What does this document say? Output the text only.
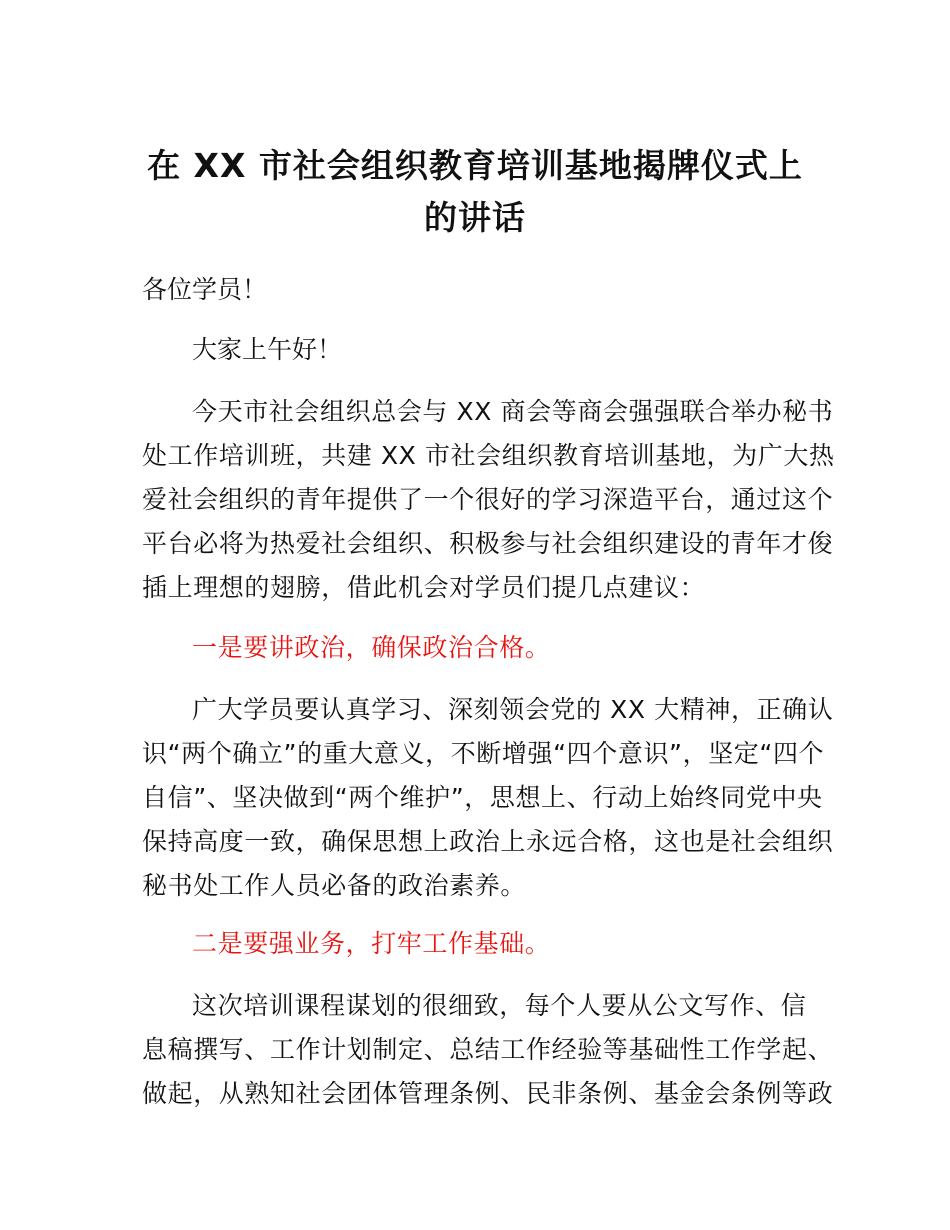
在 XX 市社会组织教育培训基地揭牌仪式上
的讲话

各位学员！

大家上午好！

今天市社会组织总会与 XX 商会等商会强强联合举办秘书

处工作培训班，共建 XX 市社会组织教育培训基地，为广大热

爱社会组织的青年提供了一个很好的学习深造平台，通过这个

平台必将为热爱社会组织、积极参与社会组织建设的青年才俊

插上理想的翅膀，借此机会对学员们提几点建议：

一是要讲政治，确保政治合格。

广大学员要认真学习、深刻领会党的 XX 大精神，正确认

识“两个确立”的重大意义，不断增强“四个意识”，坚定“四个

自信”、坚决做到“两个维护”，思想上、行动上始终同党中央

保持高度一致，确保思想上政治上永远合格，这也是社会组织

秘书处工作人员必备的政治素养。

二是要强业务，打牢工作基础。

这次培训课程谋划的很细致，每个人要从公文写作、信

息稿撰写、工作计划制定、总结工作经验等基础性工作学起、

做起，从熟知社会团体管理条例、民非条例、基金会条例等政
